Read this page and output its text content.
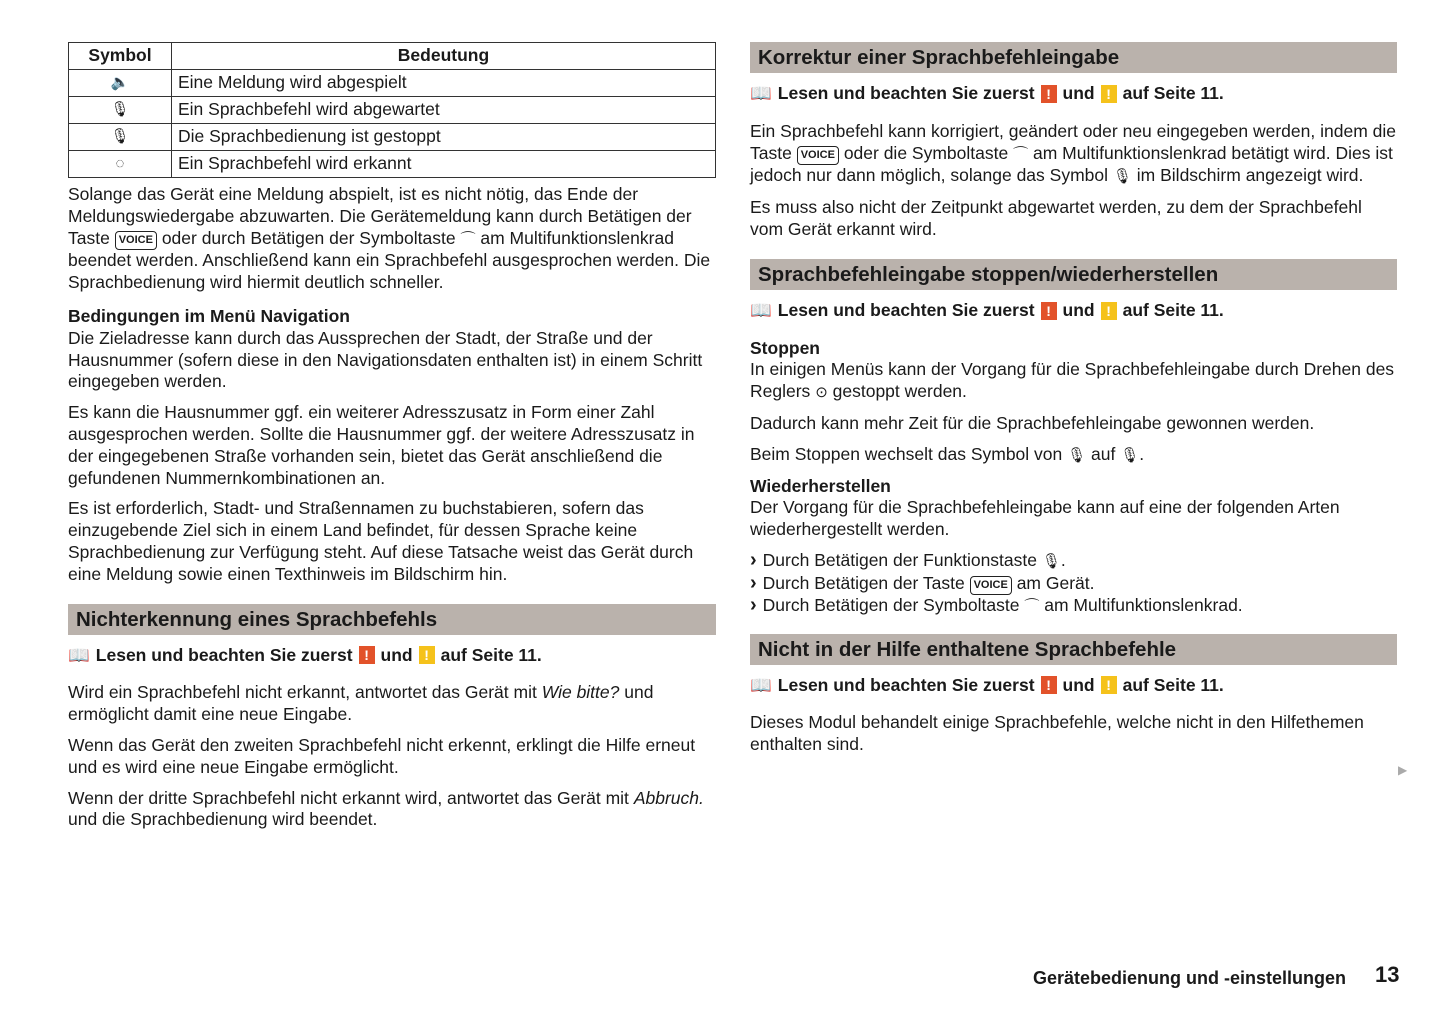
Symbol	Bedeutung
🔈	Eine Meldung wird abgespielt
🎙	Ein Sprachbefehl wird abgewartet
🎙	Die Sprachbedienung ist gestoppt
◌	Ein Sprachbefehl wird erkannt

Solange das Gerät eine Meldung abspielt, ist es nicht nötig, das Ende der Meldungswiedergabe abzuwarten. Die Gerätemeldung kann durch Betätigen der Taste VOICE oder durch Betätigen der Symboltaste ⌒ am Multifunktionslenkrad beendet werden. Anschließend kann ein Sprachbefehl ausgesprochen werden. Die Sprachbedienung wird hiermit deutlich schneller.

Bedingungen im Menü Navigation
Die Zieladresse kann durch das Aussprechen der Stadt, der Straße und der Hausnummer (sofern diese in den Navigationsdaten enthalten ist) in einem Schritt eingegeben werden.

Es kann die Hausnummer ggf. ein weiterer Adresszusatz in Form einer Zahl ausgesprochen werden. Sollte die Hausnummer ggf. der weitere Adresszusatz in der eingegebenen Straße vorhanden sein, bietet das Gerät anschließend die gefundenen Nummernkombinationen an.

Es ist erforderlich, Stadt- und Straßennamen zu buchstabieren, sofern das einzugebende Ziel sich in einem Land befindet, für dessen Sprache keine Sprachbedienung zur Verfügung steht. Auf diese Tatsache weist das Gerät durch eine Meldung sowie einen Texthinweis im Bildschirm hin.

Nichterkennung eines Sprachbefehls
📖 Lesen und beachten Sie zuerst ! und ! auf Seite 11.

Wird ein Sprachbefehl nicht erkannt, antwortet das Gerät mit Wie bitte? und ermöglicht damit eine neue Eingabe.

Wenn das Gerät den zweiten Sprachbefehl nicht erkennt, erklingt die Hilfe erneut und es wird eine neue Eingabe ermöglicht.

Wenn der dritte Sprachbefehl nicht erkannt wird, antwortet das Gerät mit Abbruch. und die Sprachbedienung wird beendet.

Korrektur einer Sprachbefehleingabe
📖 Lesen und beachten Sie zuerst ! und ! auf Seite 11.

Ein Sprachbefehl kann korrigiert, geändert oder neu eingegeben werden, indem die Taste VOICE oder die Symboltaste ⌒ am Multifunktionslenkrad betätigt wird. Dies ist jedoch nur dann möglich, solange das Symbol 🎙 im Bildschirm angezeigt wird.

Es muss also nicht der Zeitpunkt abgewartet werden, zu dem der Sprachbefehl vom Gerät erkannt wird.

Sprachbefehleingabe stoppen/wiederherstellen
📖 Lesen und beachten Sie zuerst ! und ! auf Seite 11.

Stoppen
In einigen Menüs kann der Vorgang für die Sprachbefehleingabe durch Drehen des Reglers ⊙ gestoppt werden.

Dadurch kann mehr Zeit für die Sprachbefehleingabe gewonnen werden.

Beim Stoppen wechselt das Symbol von 🎙 auf 🎙.

Wiederherstellen
Der Vorgang für die Sprachbefehleingabe kann auf eine der folgenden Arten wiederhergestellt werden.

› Durch Betätigen der Funktionstaste 🎙.
› Durch Betätigen der Taste VOICE am Gerät.
› Durch Betätigen der Symboltaste ⌒ am Multifunktionslenkrad.
Nicht in der Hilfe enthaltene Sprachbefehle
📖 Lesen und beachten Sie zuerst ! und ! auf Seite 11.

Dieses Modul behandelt einige Sprachbefehle, welche nicht in den Hilfethemen enthalten sind.

▶
Gerätebedienung und -einstellungen 13
